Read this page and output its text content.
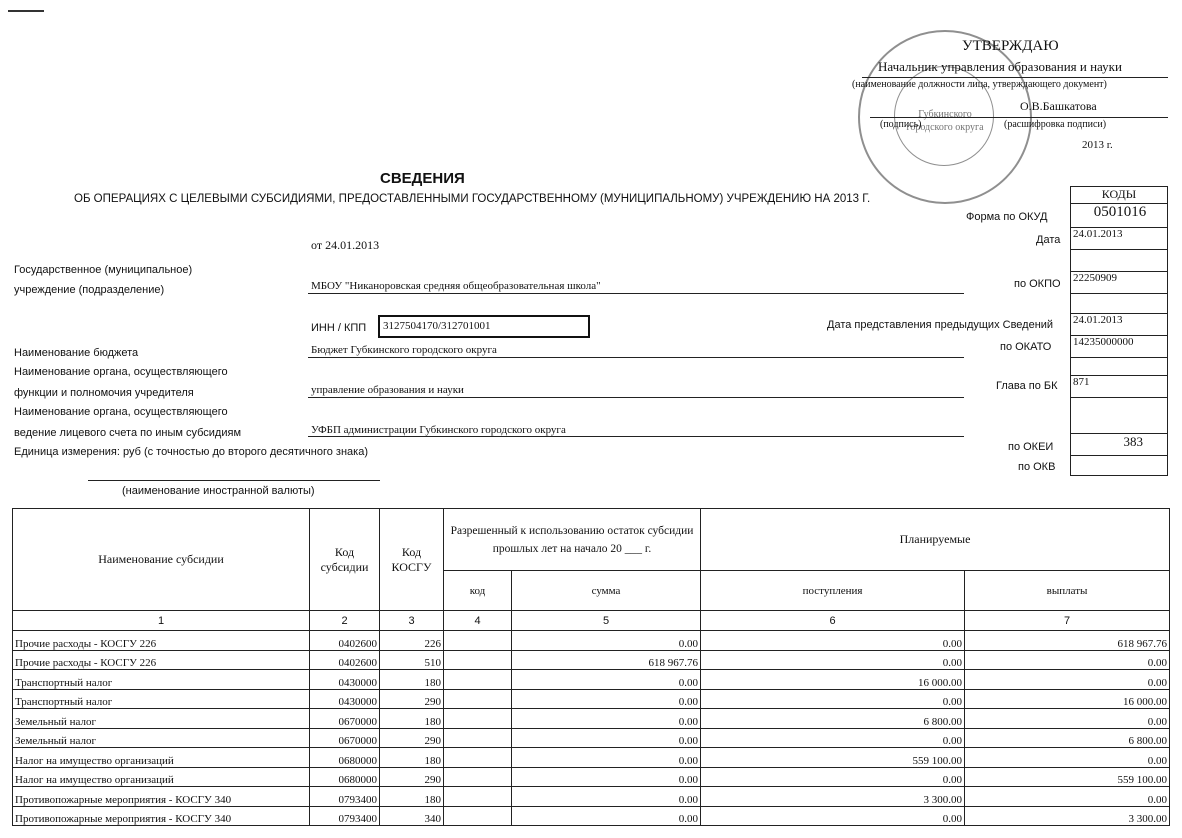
Губкинского городского округа
УТВЕРЖДАЮ
Начальник управления образования и науки
(наименование должности лица, утверждающего документ)
О.В.Башкатова
(подпись)	(расшифровка подписи)
2013 г.
СВЕДЕНИЯ
ОБ ОПЕРАЦИЯХ С ЦЕЛЕВЫМИ СУБСИДИЯМИ, ПРЕДОСТАВЛЕННЫМИ ГОСУДАРСТВЕННОМУ (МУНИЦИПАЛЬНОМУ) УЧРЕЖДЕНИЮ НА 2013 Г.	КОДЫ
Форма по ОКУД	0501016
Дата 24.01.2013
по ОКПО 22250909
Дата представления предыдущих Сведений 24.01.2013
по ОКАТО 14235000000
Глава по БК 871
по ОКЕИ	383
по ОКВ
от 24.01.2013
Государственное (муниципальное)
учреждение (подразделение)	МБОУ "Никаноровская средняя общеобразовательная школа"
ИНН / КПП	3127504170/312701001
Наименование бюджета	Бюджет Губкинского городского округа
Наименование органа, осуществляющего
функции и полномочия учредителя	управление образования и науки
Наименование органа, осуществляющего
ведение лицевого счета по иным субсидиям	УФБП администрации Губкинского городского округа
Единица измерения: руб (с точностью до второго десятичного знака)
(наименование иностранной валюты)
Наименование субсидии	Код субсидии	Код КОСГУ	Разрешенный к использованию остаток субсидии прошлых лет на начало 20 ___ г.		Планируемые	
			код	сумма	поступления	выплаты
1	2	3	4	5	6	7
Прочие расходы - КОСГУ 226	0402600	226		0.00	0.00	618 967.76
Прочие расходы - КОСГУ 226	0402600	510		618 967.76	0.00	0.00
Транспортный налог	0430000	180		0.00	16 000.00	0.00
Транспортный налог	0430000	290		0.00	0.00	16 000.00
Земельный налог	0670000	180		0.00	6 800.00	0.00
Земельный налог	0670000	290		0.00	0.00	6 800.00
Налог на имущество организаций	0680000	180		0.00	559 100.00	0.00
Налог на имущество организаций	0680000	290		0.00	0.00	559 100.00
Противопожарные мероприятия - КОСГУ 340	0793400	180		0.00	3 300.00	0.00
Противопожарные мероприятия - КОСГУ 340	0793400	340		0.00	0.00	3 300.00
